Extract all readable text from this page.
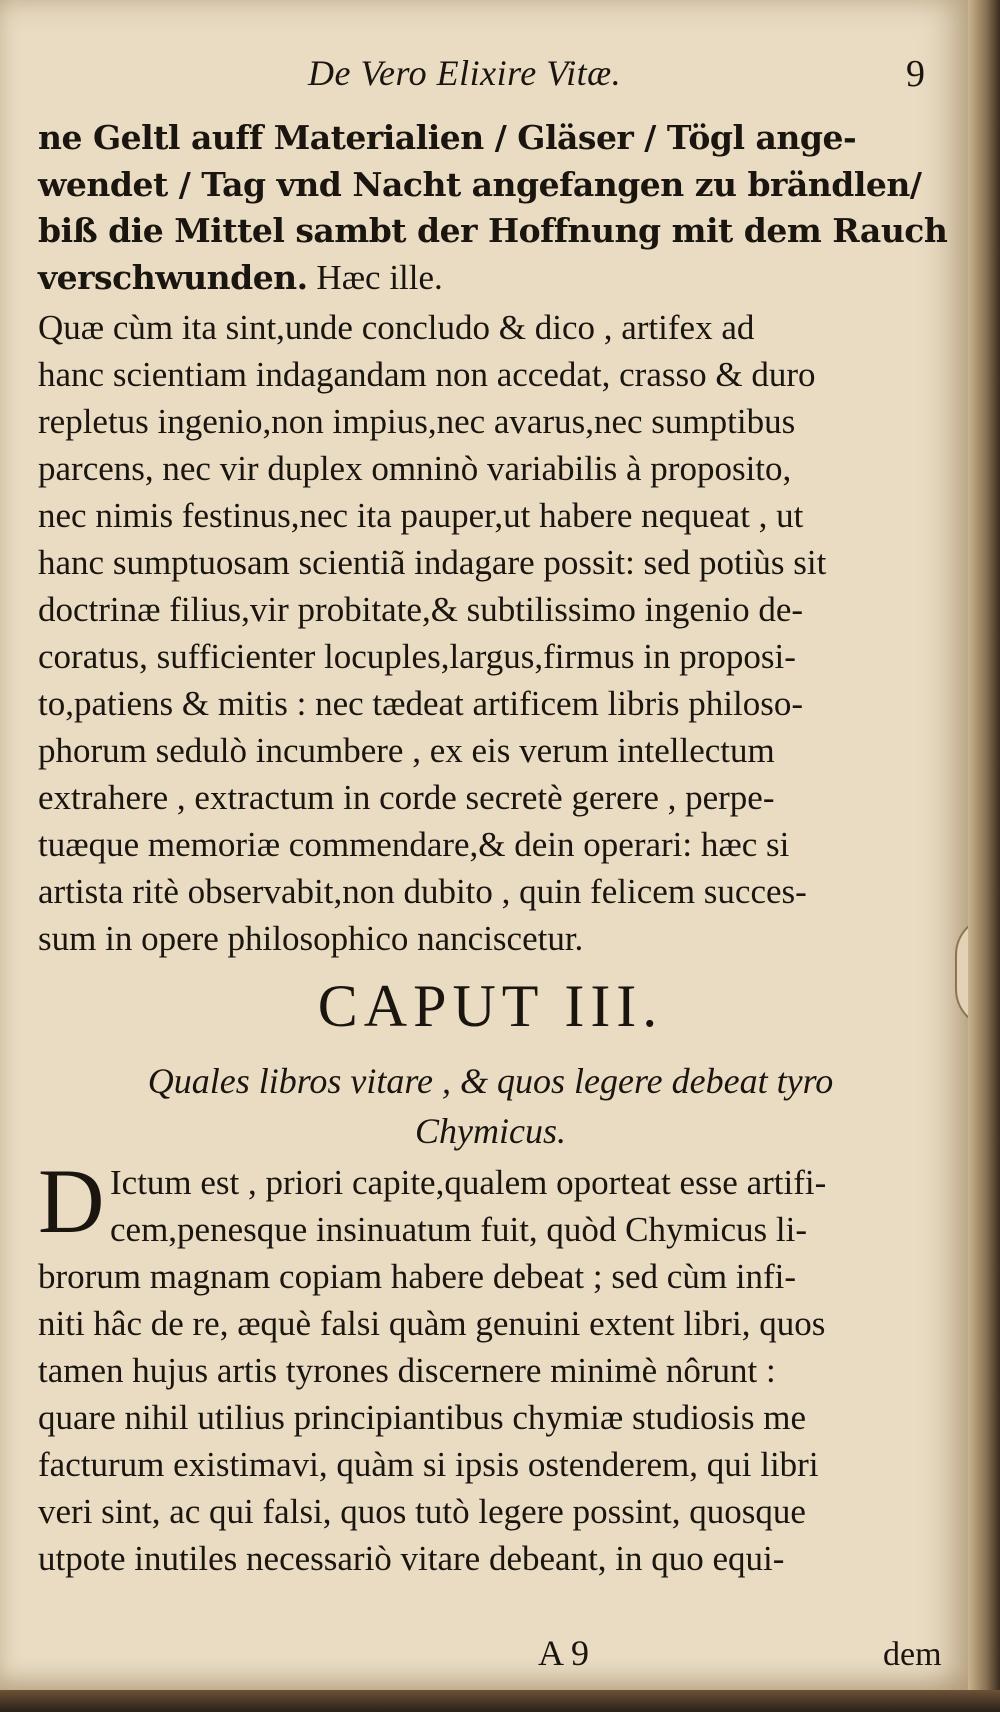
De Vero Elixire Vitæ.	9
ne Geltl auff Materialien / Gläser / Tögl ange-
wendet / Tag vnd Nacht angefangen zu brändlen/
biß die Mittel sambt der Hoffnung mit dem Rauch
verschwunden. Hæc ille.
Quæ cùm ita sint,unde concludo & dico , artifex ad
hanc scientiam indagandam non accedat, crasso & duro
repletus ingenio,non impius,nec avarus,nec sumptibus
parcens, nec vir duplex omninò variabilis à proposito,
nec nimis festinus,nec ita pauper,ut habere nequeat , ut
hanc sumptuosam scientiã indagare possit: sed potiùs sit
doctrinæ filius,vir probitate,& subtilissimo ingenio de-
coratus, sufficienter locuples,largus,firmus in proposi-
to,patiens & mitis : nec tædeat artificem libris philoso-
phorum sedulò incumbere , ex eis verum intellectum
extrahere , extractum in corde secretè gerere , perpe-
tuæque memoriæ commendare,& dein operari: hæc si
artista ritè observabit,non dubito , quin felicem succes-
sum in opere philosophico nanciscetur.
CAPUT III.
Quales libros vitare , & quos legere debeat tyro
Chymicus.
D Ictum est , priori capite,qualem oporteat esse artifi-
cem,penesque insinuatum fuit, quòd Chymicus li-
brorum magnam copiam habere debeat ; sed cùm infi-
niti hâc de re, æquè falsi quàm genuini extent libri, quos
tamen hujus artis tyrones discernere minimè nôrunt :
quare nihil utilius principiantibus chymiæ studiosis me
facturum existimavi, quàm si ipsis ostenderem, qui libri
veri sint, ac qui falsi, quos tutò legere possint, quosque
utpote inutiles necessariò vitare debeant, in quo equi-
A 9	dem
